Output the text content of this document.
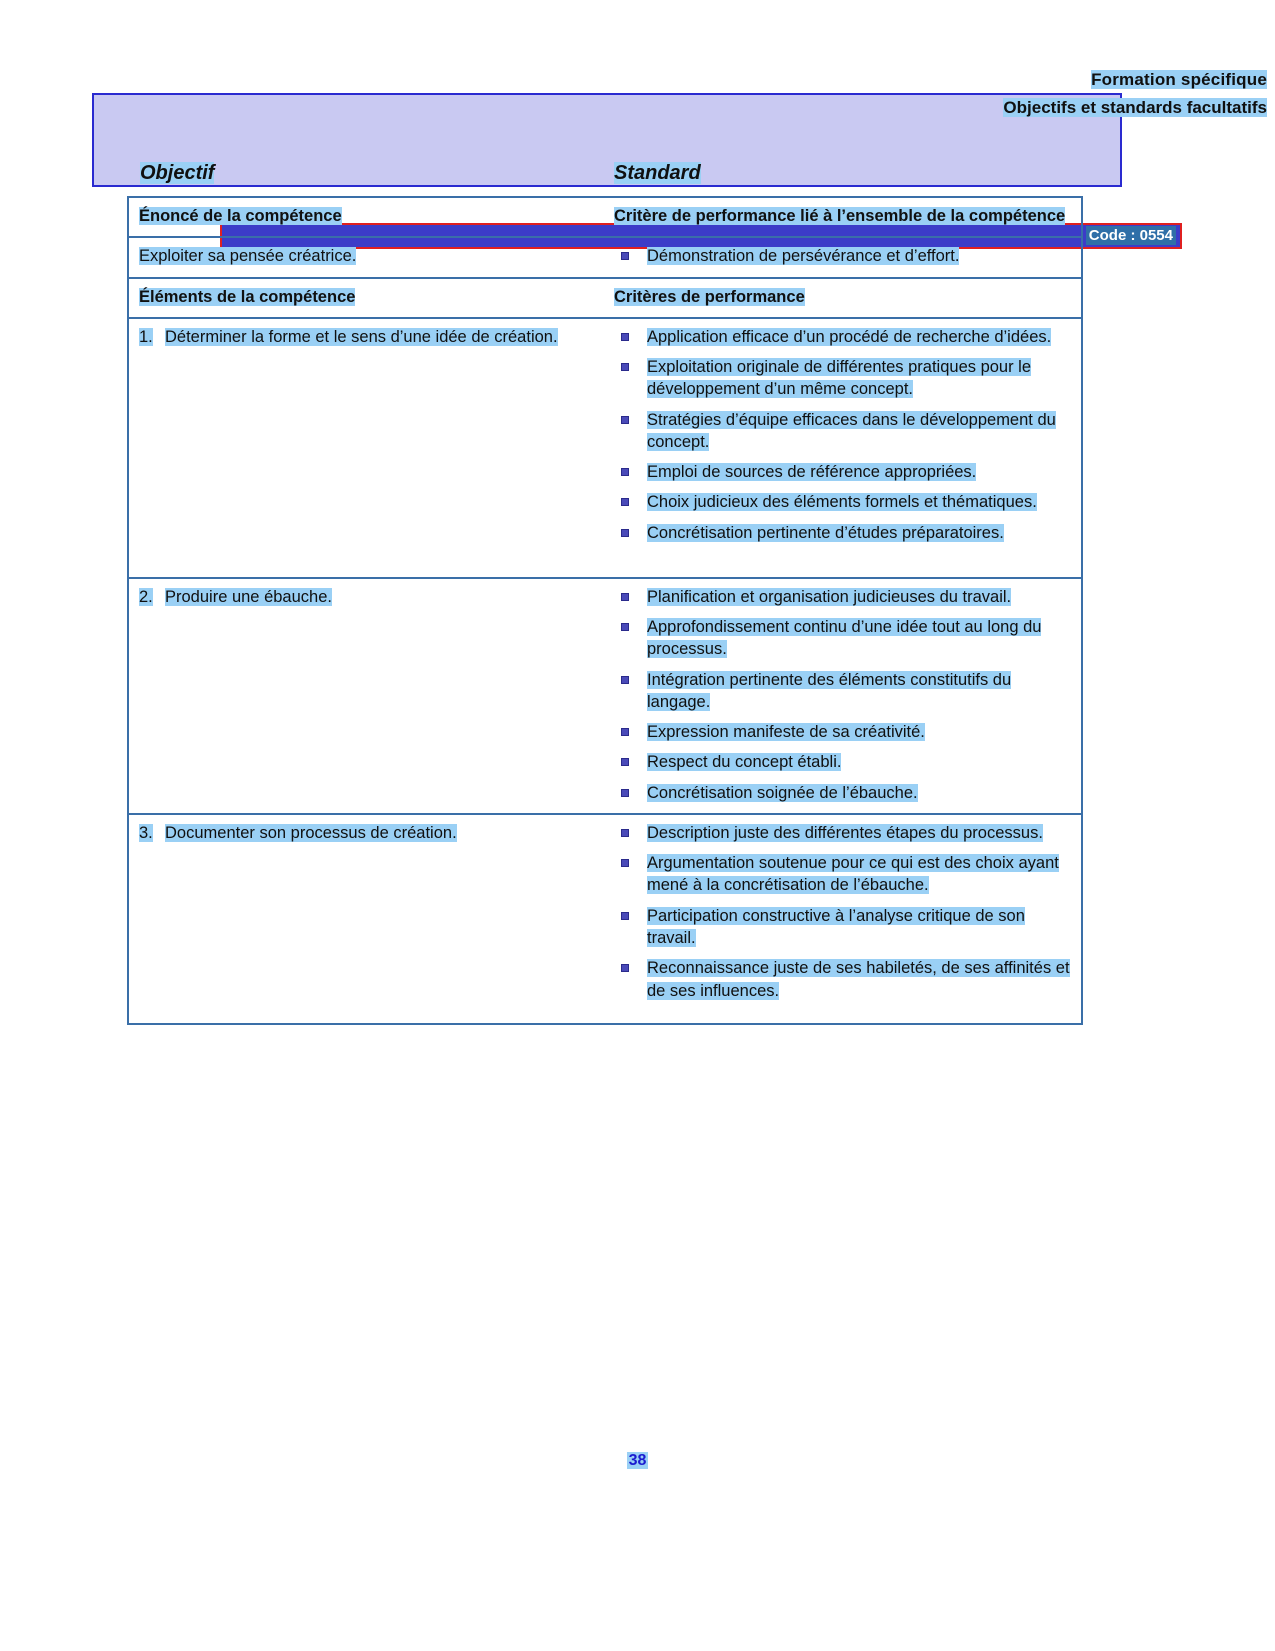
Code : 0554
Formation spécifique
Objectifs et standards facultatifs
Objectif	Standard
Énoncé de la compétence	Critère de performance lié à l’ensemble de la compétence
Exploiter sa pensée créatrice.	Démonstration de persévérance et d’effort.
Éléments de la compétence	Critères de performance
1. Déterminer la forme et le sens d’une idée de création.	Application efficace d’un procédé de recherche d’idées.
Exploitation originale de différentes pratiques pour le développement d’un même concept.
Stratégies d’équipe efficaces dans le développement du concept.
Emploi de sources de référence appropriées.
Choix judicieux des éléments formels et thématiques.
Concrétisation pertinente d’études préparatoires.
2. Produire une ébauche.	Planification et organisation judicieuses du travail.
Approfondissement continu d’une idée tout au long du processus.
Intégration pertinente des éléments constitutifs du langage.
Expression manifeste de sa créativité.
Respect du concept établi.
Concrétisation soignée de l’ébauche.
3. Documenter son processus de création.	Description juste des différentes étapes du processus.
Argumentation soutenue pour ce qui est des choix ayant mené à la concrétisation de l’ébauche.
Participation constructive à l’analyse critique de son travail.
Reconnaissance juste de ses habiletés, de ses affinités et de ses influences.
38
